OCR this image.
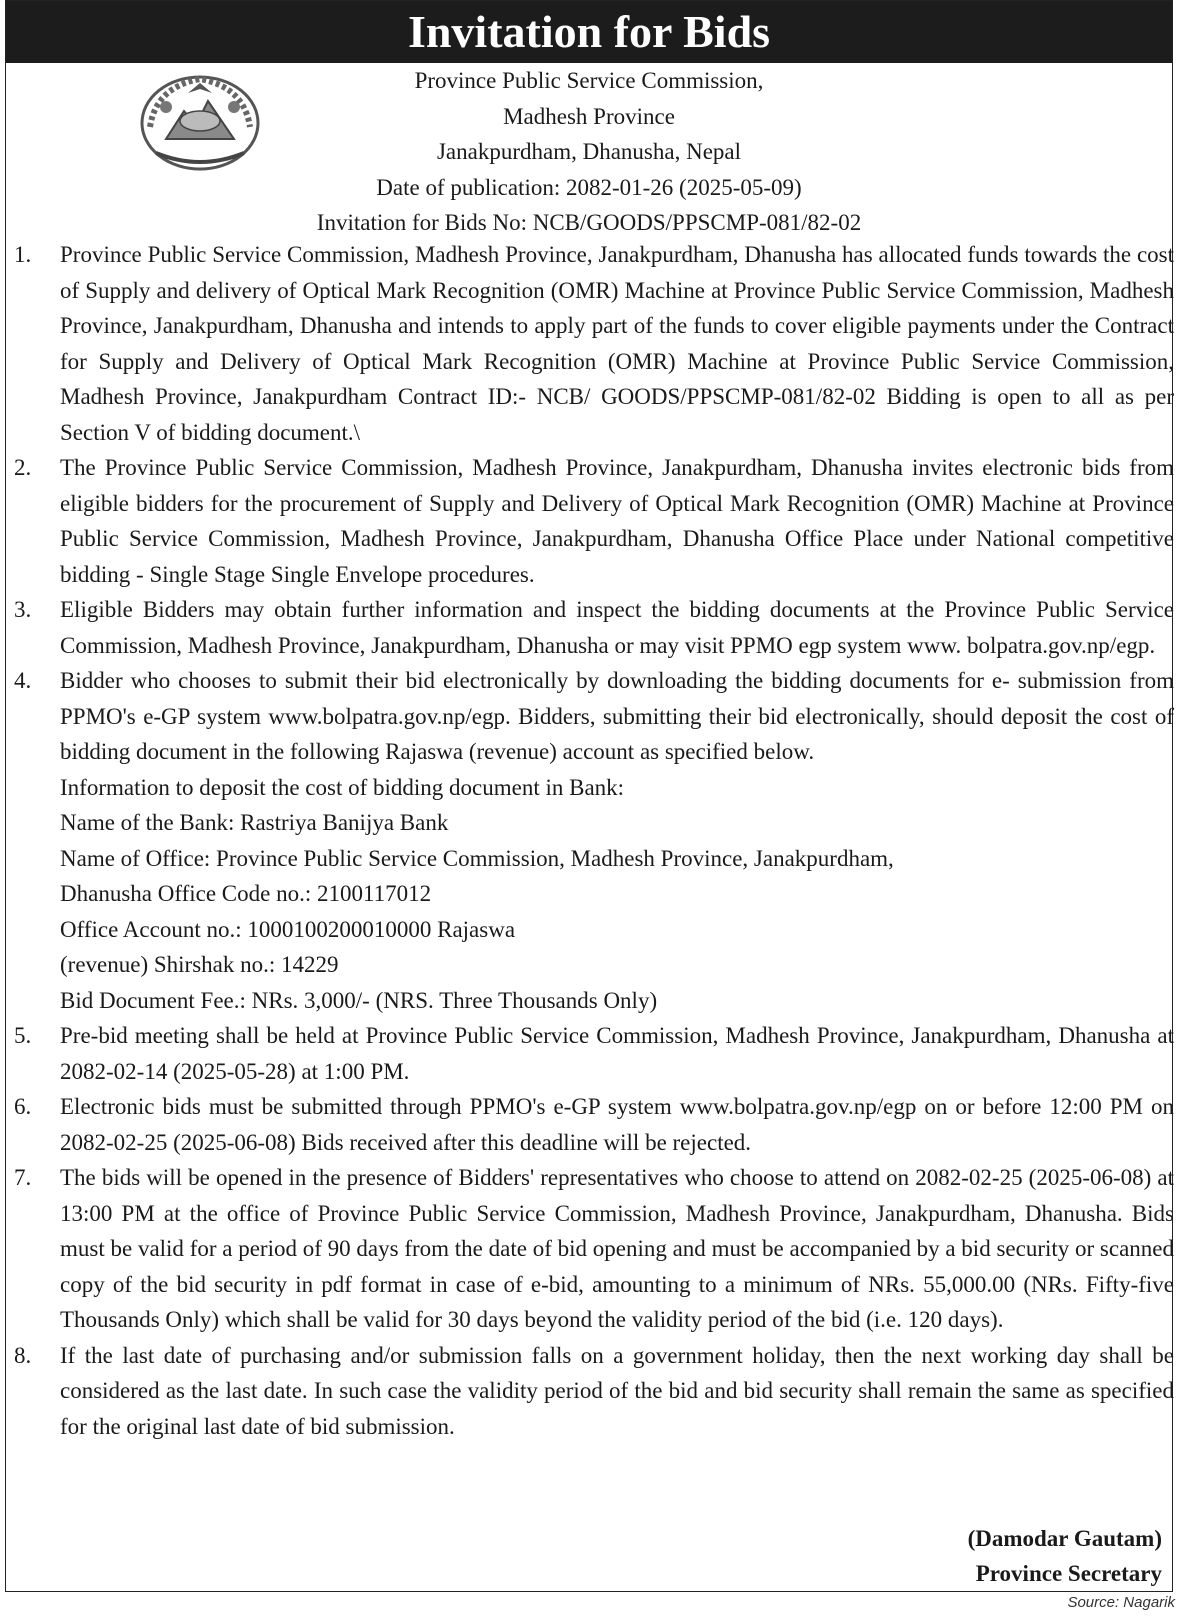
Invitation for Bids
Province Public Service Commission,
Madhesh Province
Janakpurdham, Dhanusha, Nepal
Date of publication: 2082-01-26 (2025-05-09)
Invitation for Bids No: NCB/GOODS/PPSCMP-081/82-02
1.	Province Public Service Commission, Madhesh Province, Janakpurdham, Dhanusha has allocated funds towards the cost of Supply and delivery of Optical Mark Recognition (OMR) Machine at Province Public Service Commission, Madhesh Province, Janakpurdham, Dhanusha and intends to apply part of the funds to cover eligible payments under the Contract for Supply and Delivery of Optical Mark Recognition (OMR) Machine at Province Public Service Commission, Madhesh Province, Janakpurdham Contract ID:- NCB/ GOODS/PPSCMP-081/82-02 Bidding is open to all as per Section V of bidding document.\
2.	The Province Public Service Commission, Madhesh Province, Janakpurdham, Dhanusha invites electronic bids from eligible bidders for the procurement of Supply and Delivery of Optical Mark Recognition (OMR) Machine at Province Public Service Commission, Madhesh Province, Janakpurdham, Dhanusha Office Place under National competitive bidding - Single Stage Single Envelope procedures.
3.	Eligible Bidders may obtain further information and inspect the bidding documents at the Province Public Service Commission, Madhesh Province, Janakpurdham, Dhanusha or may visit PPMO egp system www. bolpatra.gov.np/egp.
4.	Bidder who chooses to submit their bid electronically by downloading the bidding documents for e- submission from PPMO's e-GP system www.bolpatra.gov.np/egp. Bidders, submitting their bid electronically, should deposit the cost of bidding document in the following Rajaswa (revenue) account as specified below.
Information to deposit the cost of bidding document in Bank:
Name of the Bank: Rastriya Banijya Bank
Name of Office: Province Public Service Commission, Madhesh Province, Janakpurdham,
Dhanusha Office Code no.: 2100117012
Office Account no.: 1000100200010000 Rajaswa
(revenue) Shirshak no.: 14229
Bid Document Fee.: NRs. 3,000/- (NRS. Three Thousands Only)
5.	Pre-bid meeting shall be held at Province Public Service Commission, Madhesh Province, Janakpurdham, Dhanusha at 2082-02-14 (2025-05-28) at 1:00 PM.
6.	Electronic bids must be submitted through PPMO's e-GP system www.bolpatra.gov.np/egp on or before 12:00 PM on 2082-02-25 (2025-06-08) Bids received after this deadline will be rejected.
7.	The bids will be opened in the presence of Bidders' representatives who choose to attend on 2082-02-25 (2025-06-08) at 13:00 PM at the office of Province Public Service Commission, Madhesh Province, Janakpurdham, Dhanusha. Bids must be valid for a period of 90 days from the date of bid opening and must be accompanied by a bid security or scanned copy of the bid security in pdf format in case of e-bid, amounting to a minimum of NRs. 55,000.00 (NRs. Fifty-five Thousands Only) which shall be valid for 30 days beyond the validity period of the bid (i.e. 120 days).
8.	If the last date of purchasing and/or submission falls on a government holiday, then the next working day shall be considered as the last date. In such case the validity period of the bid and bid security shall remain the same as specified for the original last date of bid submission.
(Damodar Gautam)
Province Secretary
Source: Nagarik
